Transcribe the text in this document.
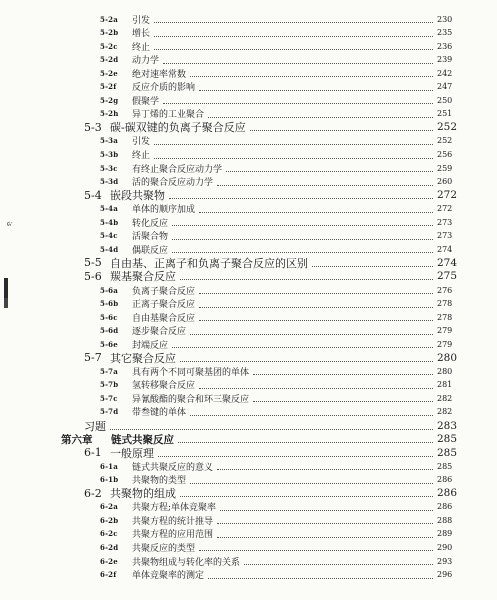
ۍ̀
5-2a 引发	230
5-2b 增长	235
5-2c 终止	236
5-2d 动力学	239
5-2e 绝对速率常数	242
5-2f 反应介质的影响	247
5-2g 假聚学	250
5-2h 异丁烯的工业聚合	251
5-3 碳-碳双键的负离子聚合反应	252
5-3a 引发	252
5-3b 终止	256
5-3c 有终止聚合反应动力学	259
5-3d 活的聚合反应动力学	260
5-4 嵌段共聚物	272
5-4a 单体的顺序加成	272
5-4b 转化反应	273
5-4c 活聚合物	273
5-4d 偶联反应	274
5-5 自由基、正离子和负离子聚合反应的区别	274
5-6 羰基聚合反应	275
5-6a 负离子聚合反应	276
5-6b 正离子聚合反应	278
5-6c 自由基聚合反应	278
5-6d 逐步聚合反应	279
5-6e 封端反应	279
5-7 其它聚合反应	280
5-7a 具有两个不同可聚基团的单体	280
5-7b 氢转移聚合反应	281
5-7c 异氰酸酯的聚合和环三聚反应	282
5-7d 带叁键的单体	282
习题	283
第六章 链式共聚反应	285
6-1 一般原理	285
6-1a 链式共聚反应的意义	285
6-1b 共聚物的类型	286
6-2 共聚物的组成	286
6-2a 共聚方程;单体竞聚率	286
6-2b 共聚方程的统计推导	288
6-2c 共聚方程的应用范围	289
6-2d 共聚反应的类型	290
6-2e 共聚物组成与转化率的关系	293
6-2f 单体竞聚率的测定	296
